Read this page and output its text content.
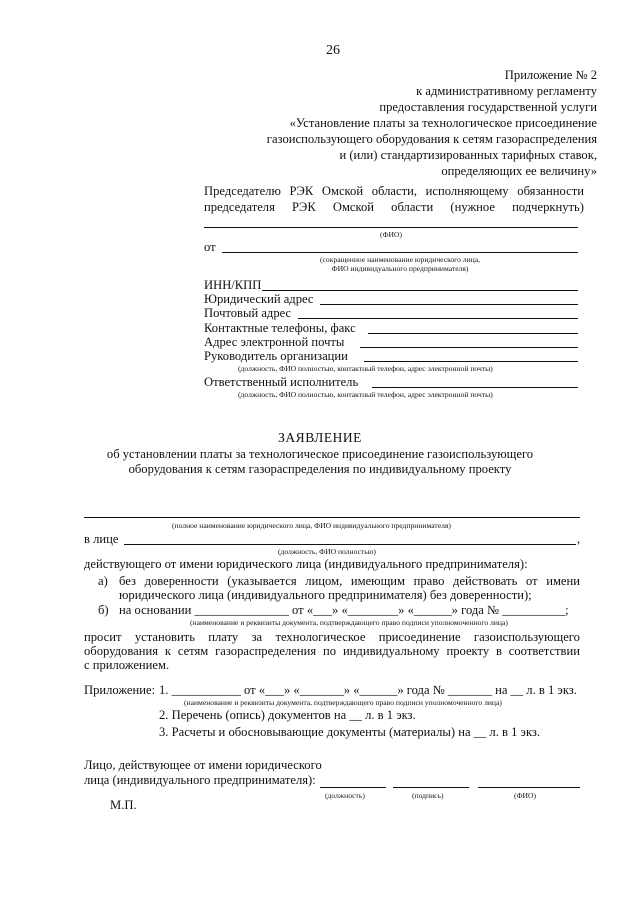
26
Приложение № 2
к административному регламенту
предоставления государственной услуги
«Установление платы за технологическое присоединение
газоиспользующего оборудования к сетям газораспределения
и (или) стандартизированных тарифных ставок,
определяющих ее величину»
Председателю РЭК Омской области, исполняющему обязанности
председателя РЭК Омской области (нужное подчеркнуть)
(ФИО)
от
(сокращенное наименование юридического лица,
ФИО индивидуального предпринимателя)
ИНН/КПП
Юридический адрес
Почтовый адрес
Контактные телефоны, факс
Адрес электронной почты
Руководитель организации
(должность, ФИО полностью, контактный телефон, адрес электронной почты)
Ответственный исполнитель
(должность, ФИО полностью, контактный телефон, адрес электронной почты)
ЗАЯВЛЕНИЕ
об установлении платы за технологическое присоединение газоиспользующего
оборудования к сетям газораспределения по индивидуальному проекту
(полное наименование юридического лица, ФИО индивидуального предпринимателя)
в лице	,
(должность, ФИО полностью)
действующего от имени юридического лица (индивидуального предпринимателя):
а) без доверенности (указывается лицом, имеющим право действовать от имени
юридического лица (индивидуального предпринимателя) без доверенности);
б) на основании _______________ от «___» «________» «______» года № __________;
(наименование и реквизиты документа, подтверждающего право подписи уполномоченного лица)
просит установить плату за технологическое присоединение газоиспользующего
оборудования к сетям газораспределения по индивидуальному проекту в соответствии
с приложением.
Приложение: 1. ___________ от «___» «_______» «______» года № _______ на __ л. в 1 экз.
(наименование и реквизиты документа, подтверждающего право подписи уполномоченного лица)
2. Перечень (опись) документов на __ л. в 1 экз.
3. Расчеты и обосновывающие документы (материалы) на __ л. в 1 экз.
Лицо, действующее от имени юридического
лица (индивидуального предпринимателя):
(должность)	(подпись)	(ФИО)
М.П.
